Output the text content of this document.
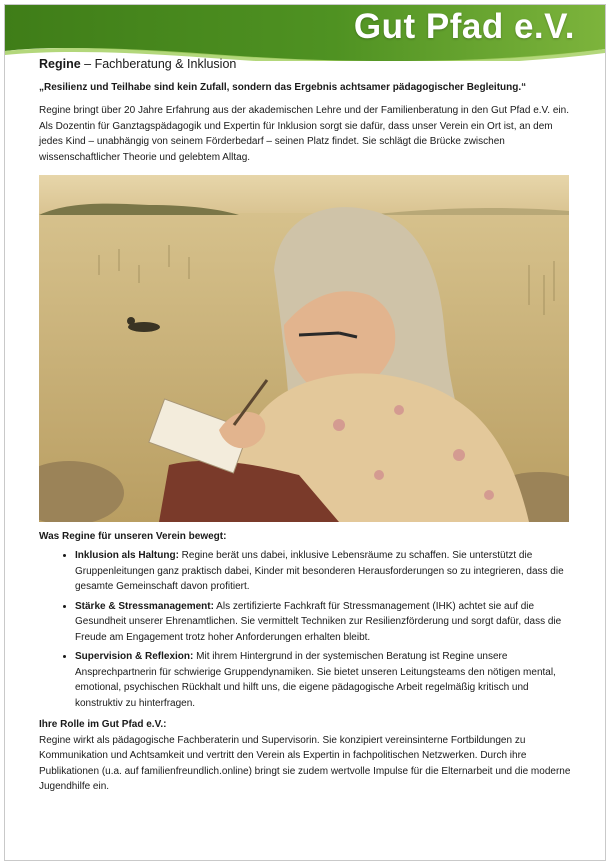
Gut Pfad e.V.
Regine – Fachberatung & Inklusion
„Resilienz und Teilhabe sind kein Zufall, sondern das Ergebnis achtsamer pädagogischer Begleitung.“

Regine bringt über 20 Jahre Erfahrung aus der akademischen Lehre und der Familienberatung in den Gut Pfad e.V. ein. Als Dozentin für Ganztagspädagogik und Expertin für Inklusion sorgt sie dafür, dass unser Verein ein Ort ist, an dem jedes Kind – unabhängig von seinem Förderbedarf – seinen Platz findet. Sie schlägt die Brücke zwischen wissenschaftlicher Theorie und gelebtem Alltag.

Was Regine für unseren Verein bewegt:
• Inklusion als Haltung: Regine berät uns dabei, inklusive Lebensräume zu schaffen. Sie unterstützt die Gruppenleitungen ganz praktisch dabei, Kinder mit besonderen Herausforderungen so zu integrieren, dass die gesamte Gemeinschaft davon profitiert.
• Stärke & Stressmanagement: Als zertifizierte Fachkraft für Stressmanagement (IHK) achtet sie auf die Gesundheit unserer Ehrenamtlichen. Sie vermittelt Techniken zur Resilienzförderung und sorgt dafür, dass die Freude am Engagement trotz hoher Anforderungen erhalten bleibt.
• Supervision & Reflexion: Mit ihrem Hintergrund in der systemischen Beratung ist Regine unsere Ansprechpartnerin für schwierige Gruppendynamiken. Sie bietet unseren Leitungsteams den nötigen mental, emotional, psychischen Rückhalt und hilft uns, die eigene pädagogische Arbeit regelmäßig kritisch und konstruktiv zu hinterfragen.
Ihre Rolle im Gut Pfad e.V.:

Regine wirkt als pädagogische Fachberaterin und Supervisorin. Sie konzipiert vereinsinterne Fortbildungen zu Kommunikation und Achtsamkeit und vertritt den Verein als Expertin in fachpolitischen Netzwerken. Durch ihre Publikationen (u.a. auf familienfreundlich.online) bringt sie zudem wertvolle Impulse für die Elternarbeit und die moderne Jugendhilfe ein.
